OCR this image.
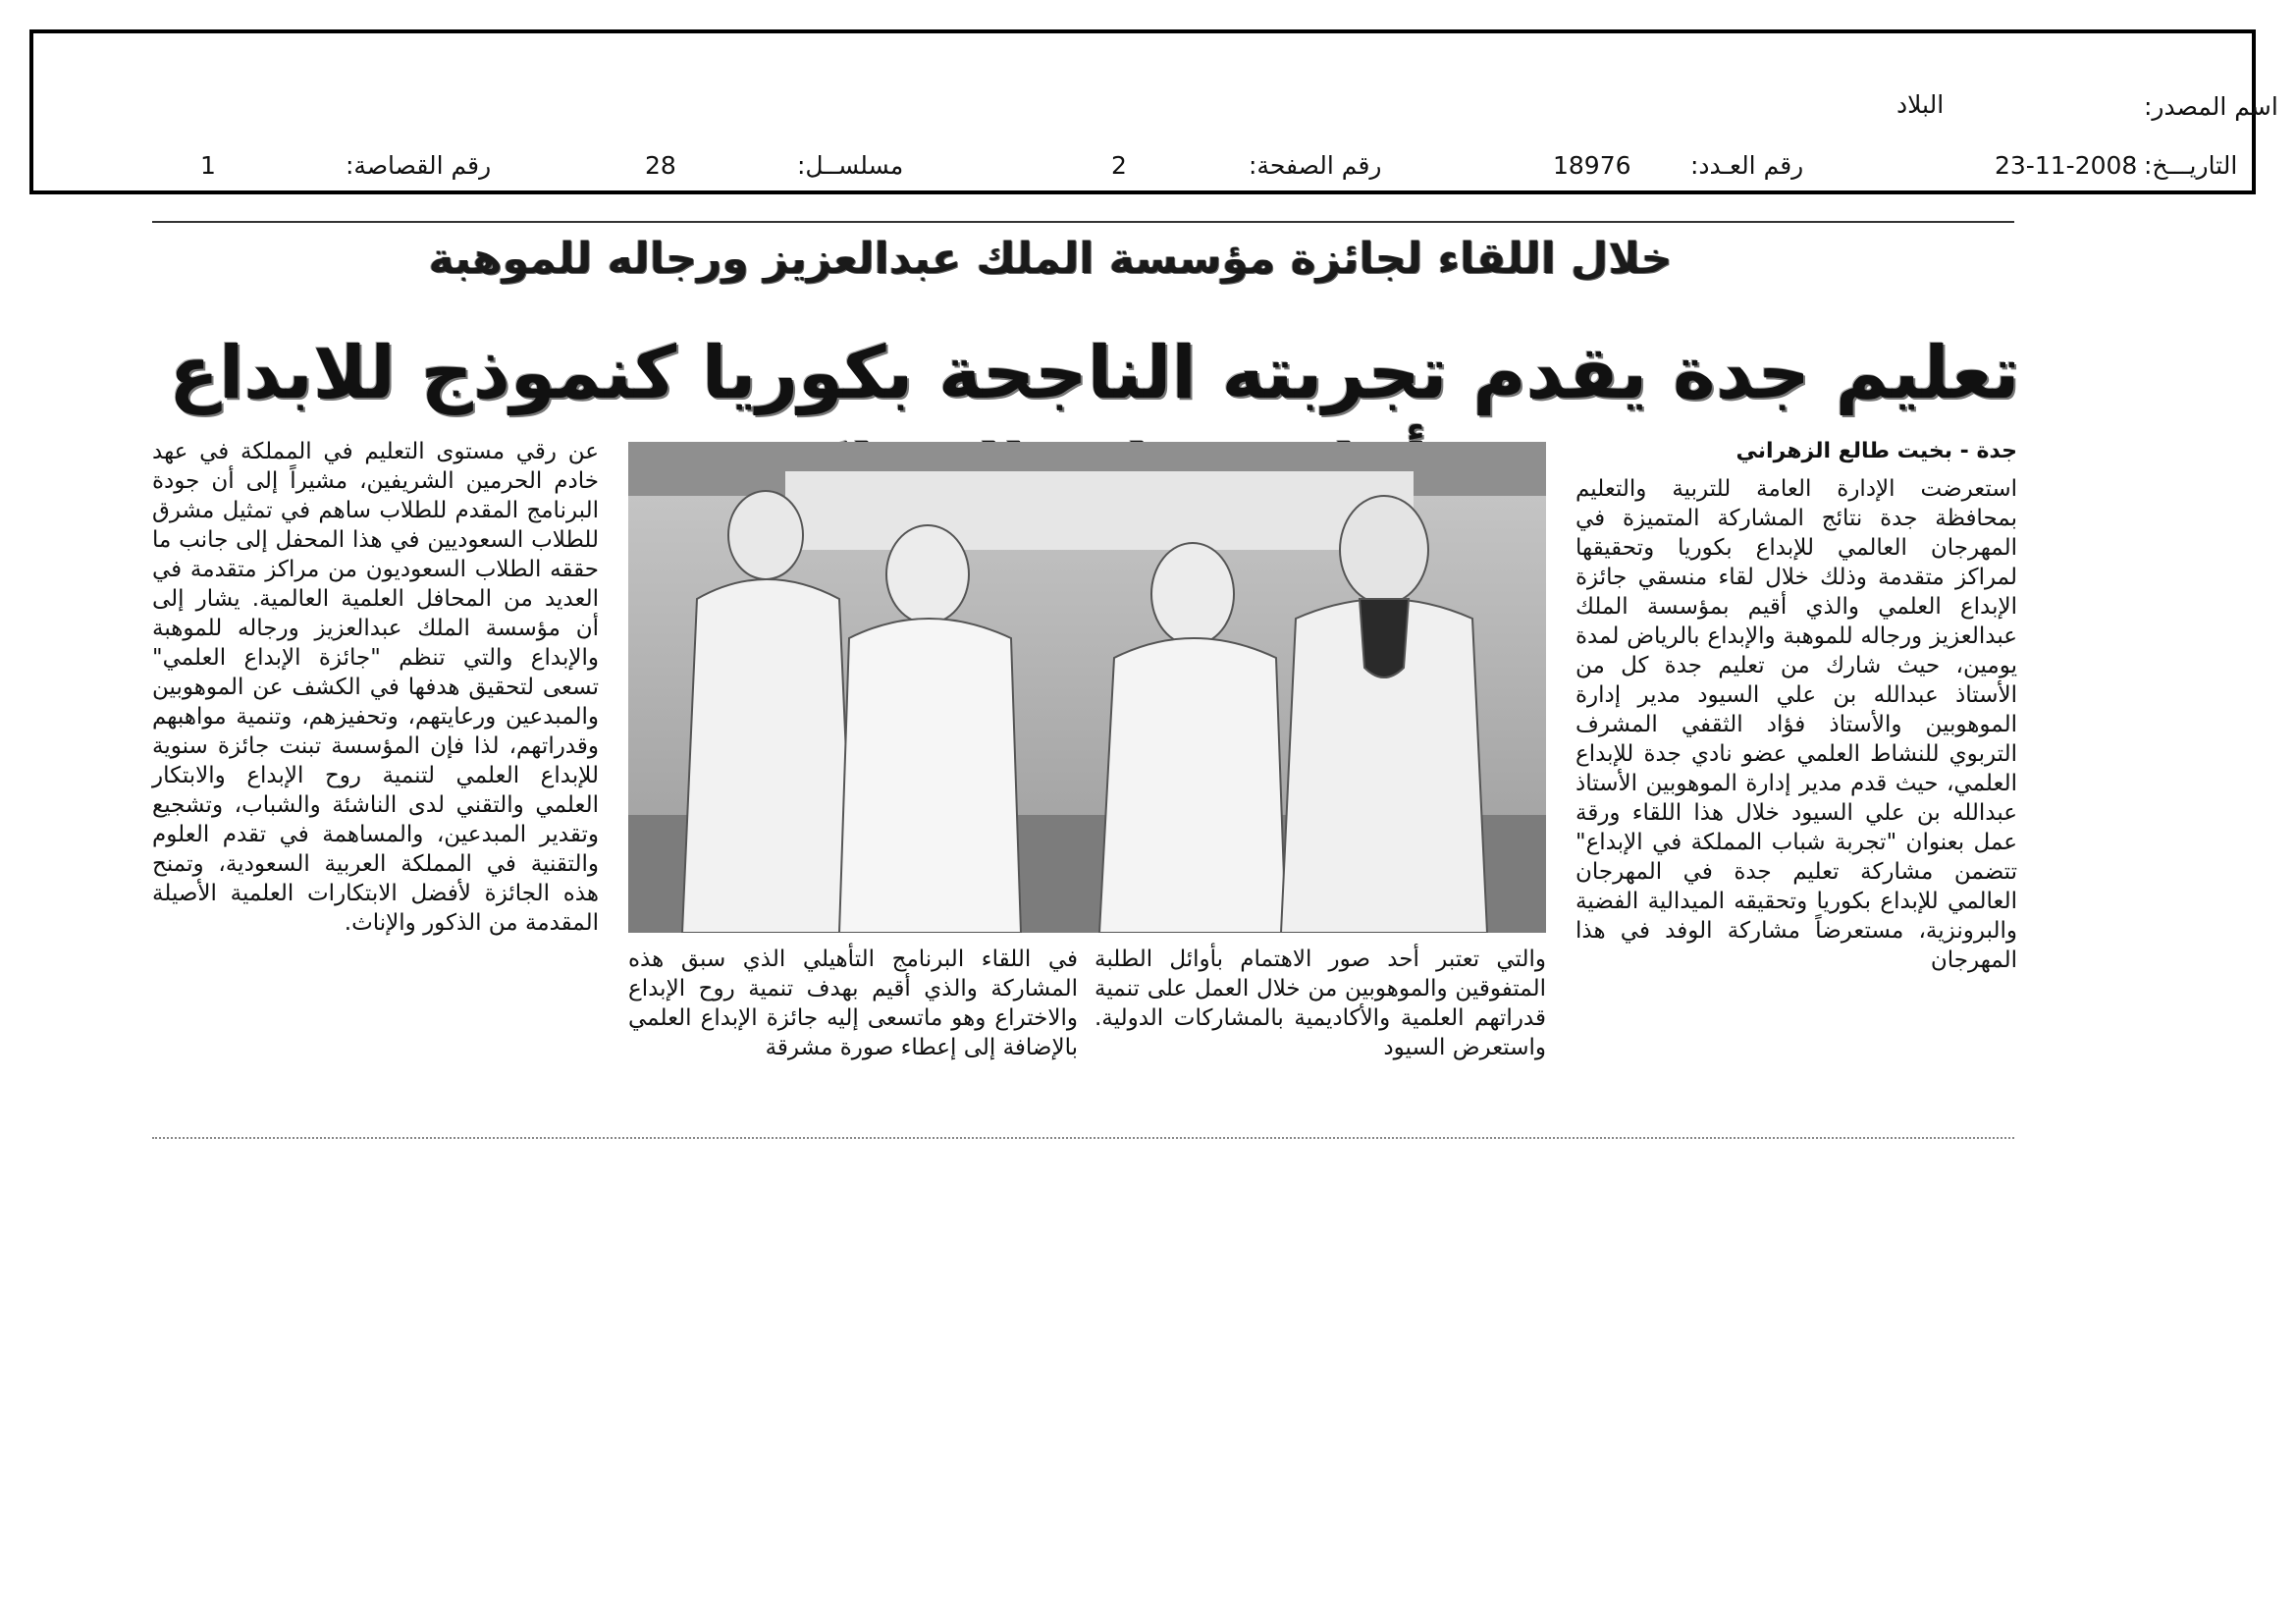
اسم المصدر:
البلاد
التاريـــخ:
23-11-2008
رقم العـدد:
18976
رقم الصفحة:
2
مسلســل:
28
رقم القصاصة:
1
خلال اللقاء لجائزة مؤسسة الملك عبدالعزيز ورجاله للموهبة
تعليم جدة يقدم تجربته الناجحة بكوريا كنموذج للابداع

جدة - بخيت طالع الزهراني

استعرضت الإدارة العامة للتربية والتعليم بمحافظة جدة نتائج المشاركة المتميزة في المهرجان العالمي للإبداع بكوريا وتحقيقها لمراكز متقدمة وذلك خلال لقاء منسقي جائزة الإبداع العلمي والذي أقيم بمؤسسة الملك عبدالعزيز ورجاله للموهبة والإبداع بالرياض لمدة يومين، حيث شارك من تعليم جدة كل من الأستاذ عبدالله بن علي السيود مدير إدارة الموهوبين والأستاذ فؤاد الثقفي المشرف التربوي للنشاط العلمي عضو نادي جدة للإبداع العلمي، حيث قدم مدير إدارة الموهوبين الأستاذ عبدالله بن علي السيود خلال هذا اللقاء ورقة عمل بعنوان "تجربة شباب المملكة في الإبداع" تتضمن مشاركة تعليم جدة في المهرجان العالمي للإبداع بكوريا وتحقيقه الميدالية الفضية والبرونزية، مستعرضاً مشاركة الوفد في هذا المهرجان

والتي تعتبر أحد صور الاهتمام بأوائل الطلبة المتفوقين والموهوبين من خلال العمل على تنمية قدراتهم العلمية والأكاديمية بالمشاركات الدولية. واستعرض السيود

في اللقاء البرنامج التأهيلي الذي سبق هذه المشاركة والذي أقيم بهدف تنمية روح الإبداع والاختراع وهو ماتسعى إليه جائزة الإبداع العلمي بالإضافة إلى إعطاء صورة مشرقة

عن رقي مستوى التعليم في المملكة في عهد خادم الحرمين الشريفين، مشيراً إلى أن جودة البرنامج المقدم للطلاب ساهم في تمثيل مشرق للطلاب السعوديين في هذا المحفل إلى جانب ما حققه الطلاب السعوديون من مراكز متقدمة في العديد من المحافل العلمية العالمية. يشار إلى أن مؤسسة الملك عبدالعزيز ورجاله للموهبة والإبداع والتي تنظم "جائزة الإبداع العلمي" تسعى لتحقيق هدفها في الكشف عن الموهوبين والمبدعين ورعايتهم، وتحفيزهم، وتنمية مواهبهم وقدراتهم، لذا فإن المؤسسة تبنت جائزة سنوية للإبداع العلمي لتنمية روح الإبداع والابتكار العلمي والتقني لدى الناشئة والشباب، وتشجيع وتقدير المبدعين، والمساهمة في تقدم العلوم والتقنية في المملكة العربية السعودية، وتمنح هذه الجائزة لأفضل الابتكارات العلمية الأصيلة المقدمة من الذكور والإناث.
